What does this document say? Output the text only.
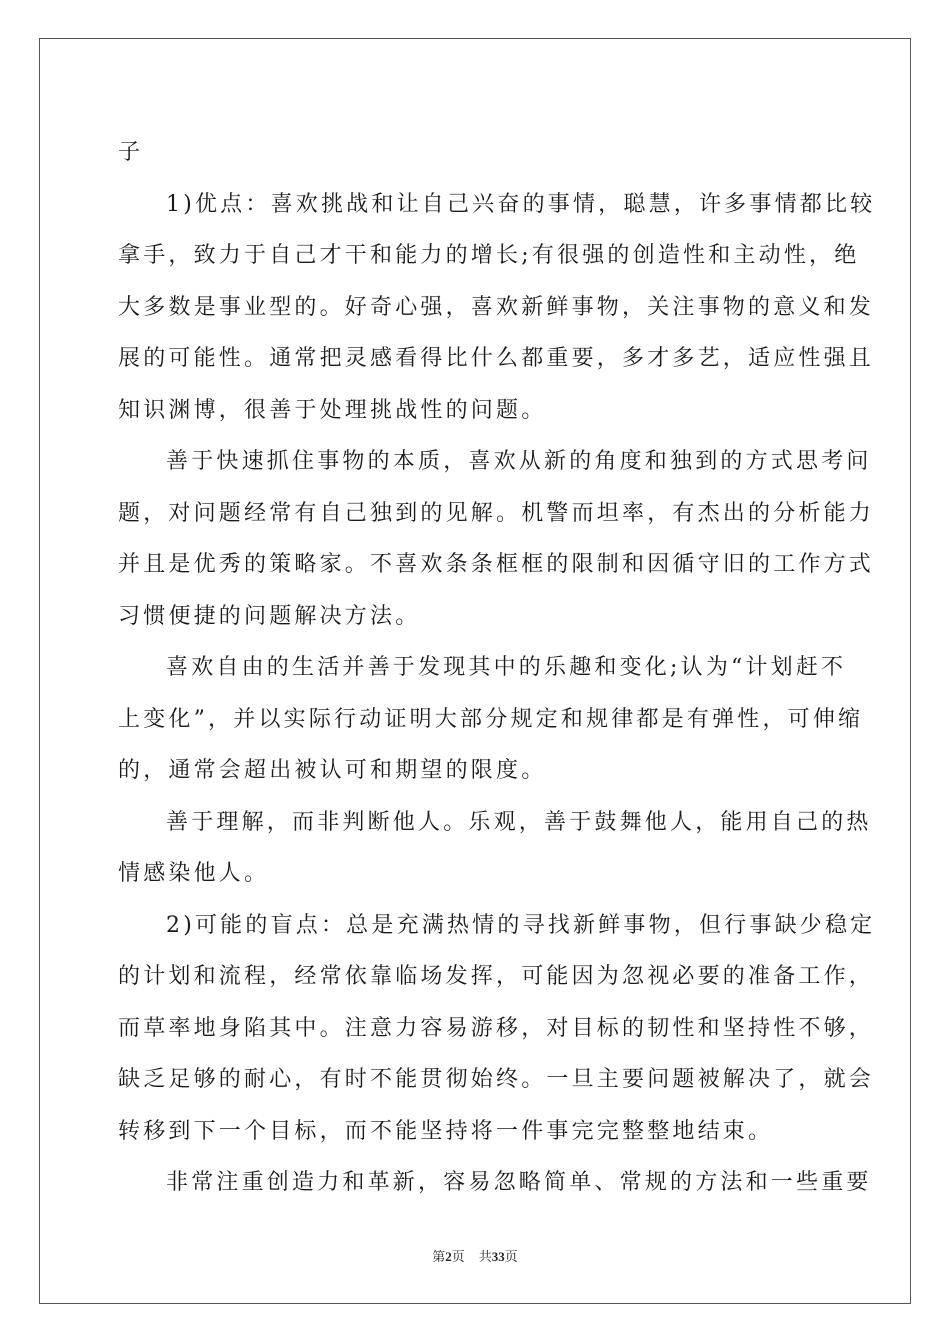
子
1)优点：喜欢挑战和让自己兴奋的事情，聪慧，许多事情都比较
拿手，致力于自己才干和能力的增长;有很强的创造性和主动性，绝
大多数是事业型的。好奇心强，喜欢新鲜事物，关注事物的意义和发
展的可能性。通常把灵感看得比什么都重要，多才多艺，适应性强且
知识渊博，很善于处理挑战性的问题。
善于快速抓住事物的本质，喜欢从新的角度和独到的方式思考问
题，对问题经常有自己独到的见解。机警而坦率，有杰出的分析能力
并且是优秀的策略家。不喜欢条条框框的限制和因循守旧的工作方式
习惯便捷的问题解决方法。
喜欢自由的生活并善于发现其中的乐趣和变化;认为“计划赶不
上变化”，并以实际行动证明大部分规定和规律都是有弹性，可伸缩
的，通常会超出被认可和期望的限度。
善于理解，而非判断他人。乐观，善于鼓舞他人，能用自己的热
情感染他人。
2)可能的盲点：总是充满热情的寻找新鲜事物，但行事缺少稳定
的计划和流程，经常依靠临场发挥，可能因为忽视必要的准备工作，
而草率地身陷其中。注意力容易游移，对目标的韧性和坚持性不够，
缺乏足够的耐心，有时不能贯彻始终。一旦主要问题被解决了，就会
转移到下一个目标，而不能坚持将一件事完完整整地结束。
非常注重创造力和革新，容易忽略简单、常规的方法和一些重要
第2页 共33页
